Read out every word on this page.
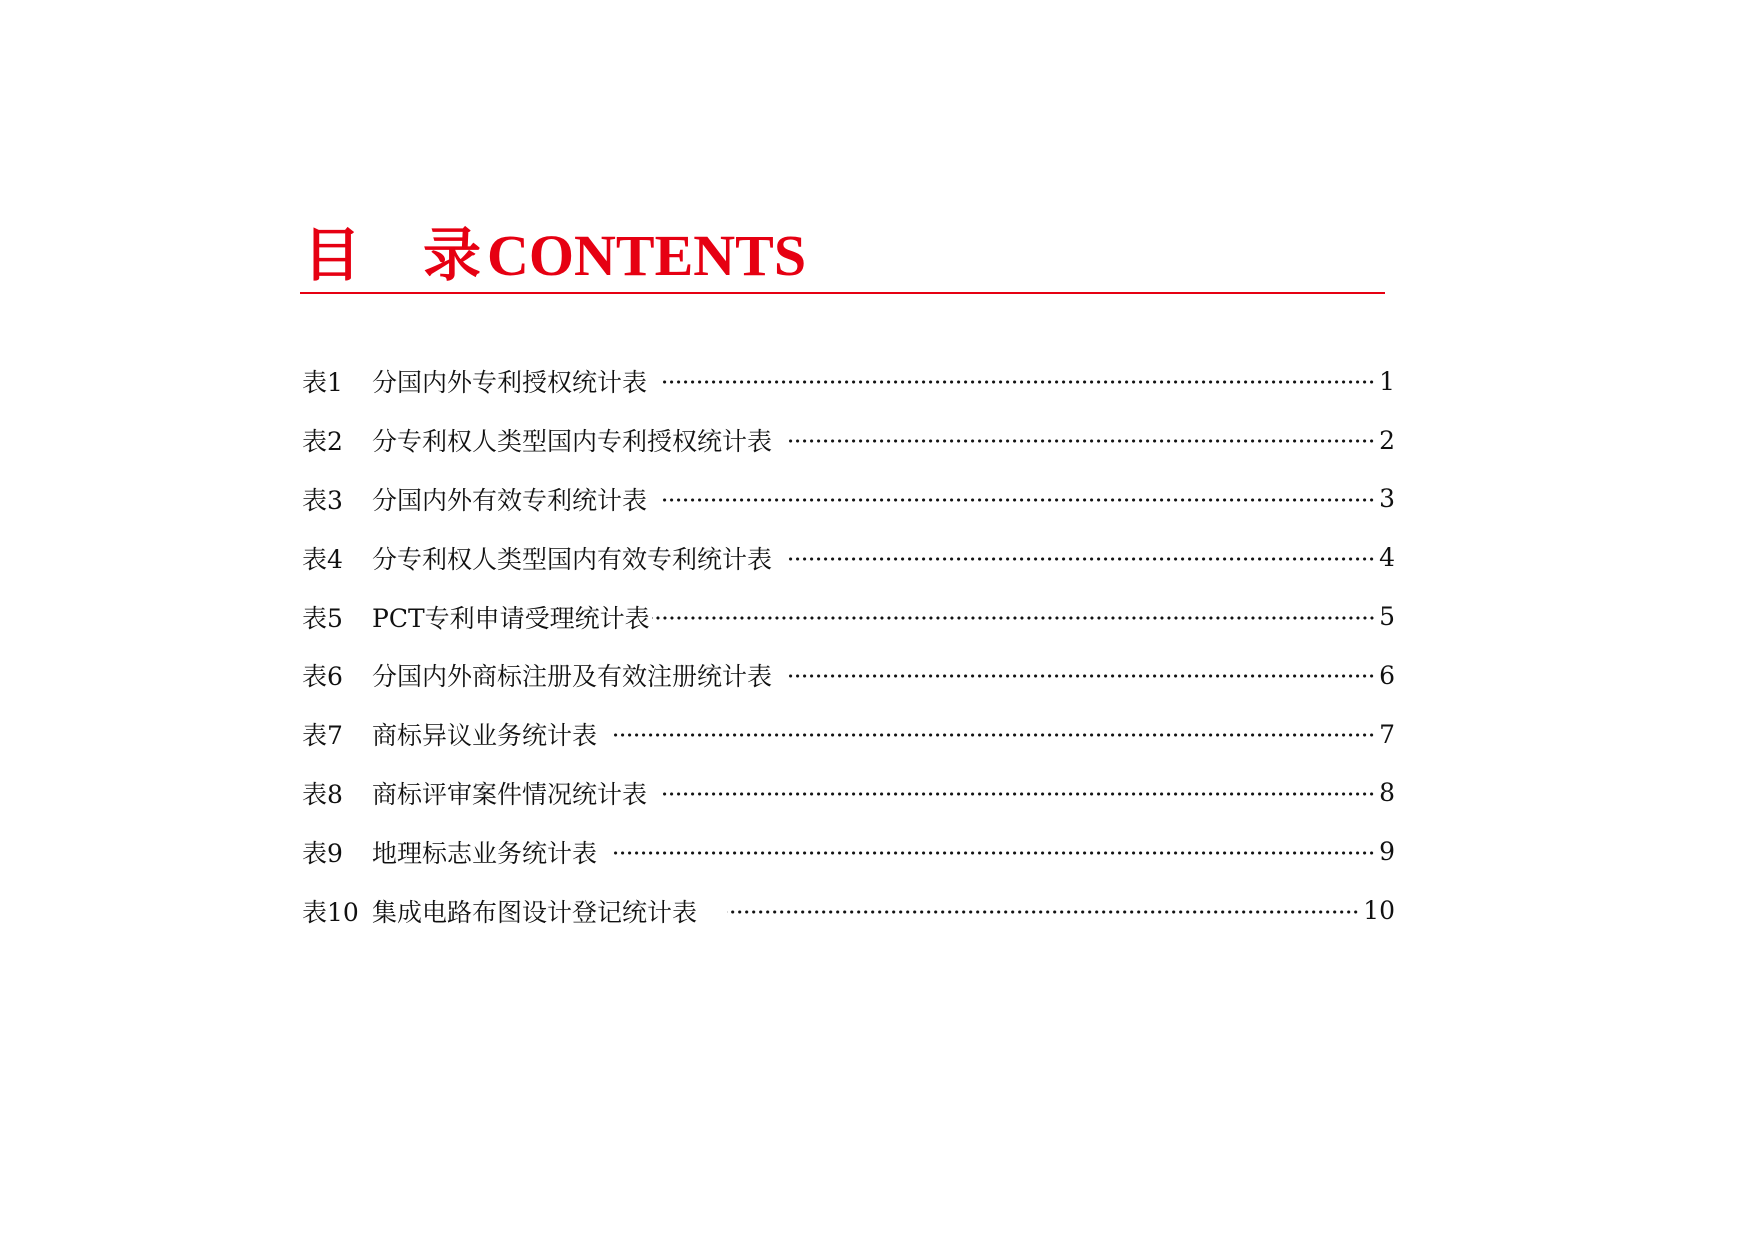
目 录 CONTENTS
表1	分国内外专利授权统计表	1
表2	分专利权人类型国内专利授权统计表	2
表3	分国内外有效专利统计表	3
表4	分专利权人类型国内有效专利统计表	4
表5	PCT专利申请受理统计表	5
表6	分国内外商标注册及有效注册统计表	6
表7	商标异议业务统计表	7
表8	商标评审案件情况统计表	8
表9	地理标志业务统计表	9
表10 集成电路布图设计登记统计表	10
